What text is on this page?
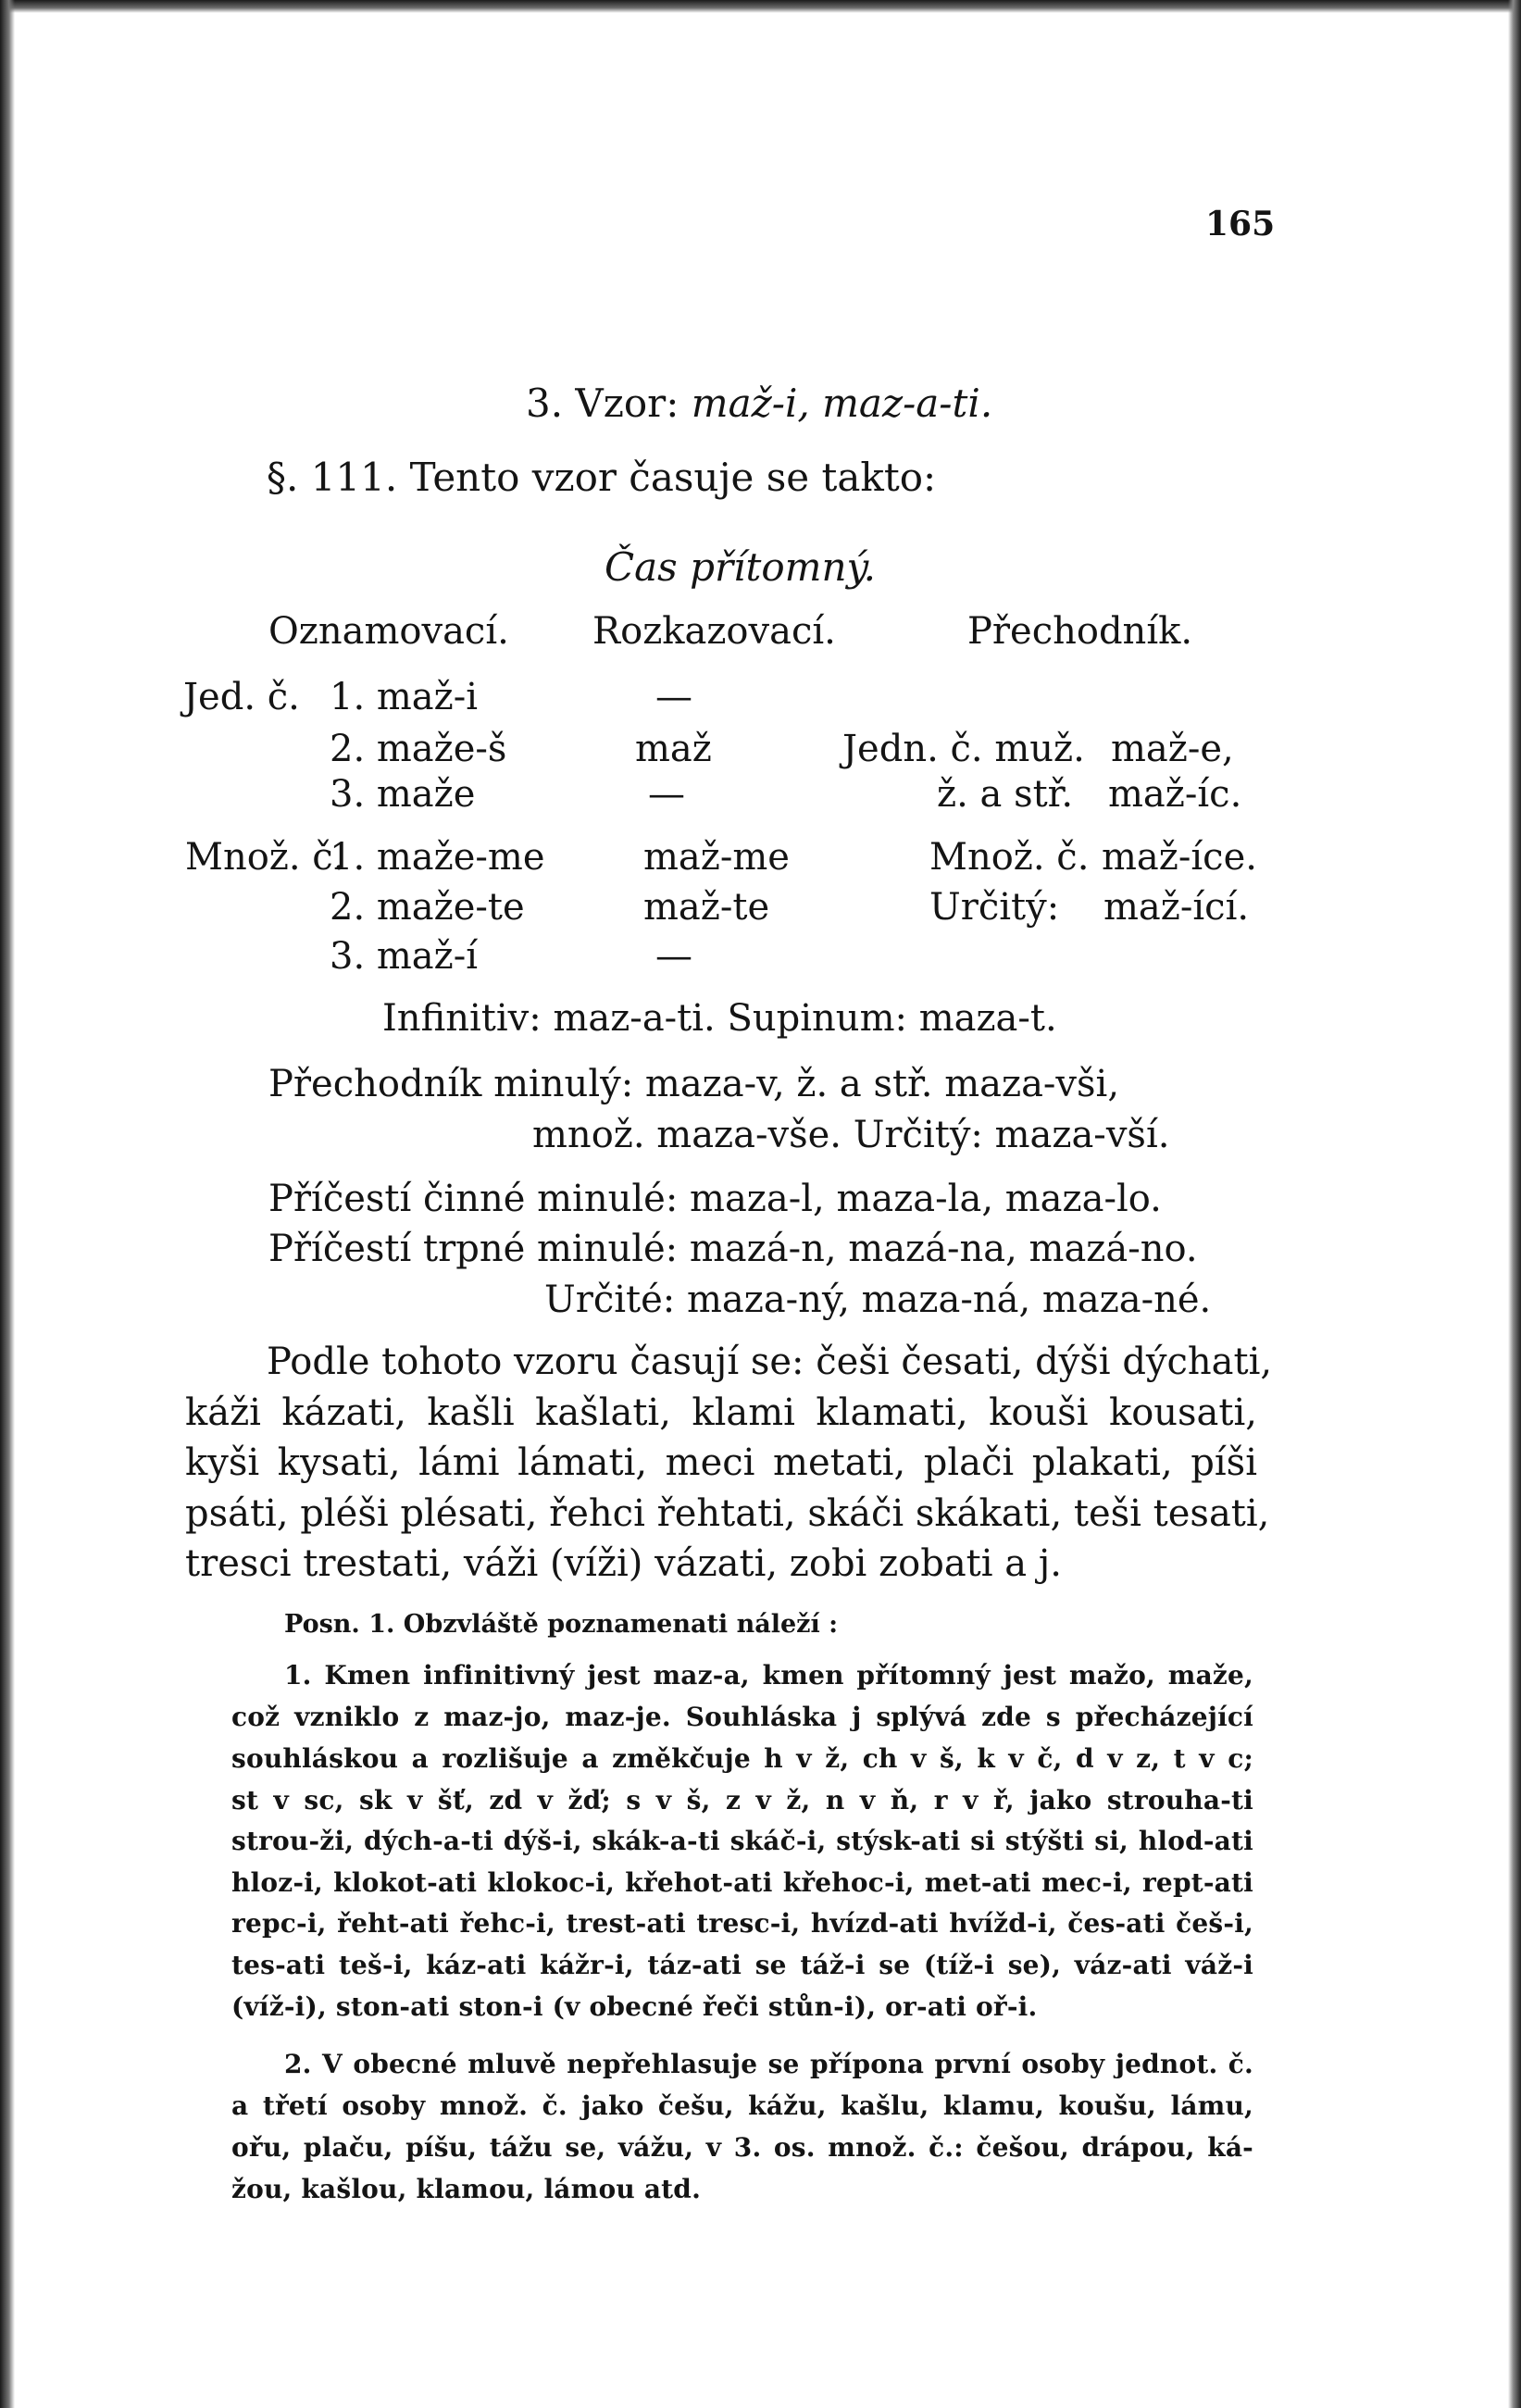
165
3. Vzor: maž-i, maz-a-ti.
§. 111. Tento vzor časuje se takto:
Čas přítomný.
Oznamovací. Rozkazovací.	Přechodník.
Jed. č. 1. maž-i
2. maže-š
3. maže
—
maž
—
Jedn. č. muž. maž-e,
ž. a stř. maž-íc.
Množ. č.
1. maže-me
2. maže-te
3. maž-í
maž-me
maž-te
—
Množ. č. maž-íce.
Určitý: maž-ící.
Infinitiv: maz-a-ti. Supinum: maza-t.
Přechodník minulý: maza-v, ž. a stř. maza-vši,
množ. maza-vše. Určitý: maza-vší.
Příčestí činné minulé: maza-l, maza-la, maza-lo.
Příčestí trpné minulé: mazá-n, mazá-na, mazá-no.
Určité: maza-ný, maza-ná, maza-né.
Podle tohoto vzoru časují se: češi česati, dýši dýchati,
káži kázati, kašli kašlati, klami klamati, kouši kousati,
kyši kysati, lámi lámati, meci metati, plači plakati, píši
psáti, pléši plésati, řehci řehtati, skáči skákati, teši tesati,
tresci trestati, váži (víži) vázati, zobi zobati a j.
Posn. 1. Obzvláště poznamenati náleží :
1. Kmen infinitivný jest maz-a, kmen přítomný jest mažo, maže,
což vzniklo z maz-jo, maz-je. Souhláska j splývá zde s přecházející
souhláskou a rozlišuje a změkčuje h v ž, ch v š, k v č, d v z, t v c;
st v sc, sk v šť, zd v žď; s v š, z v ž, n v ň, r v ř, jako strouha-ti
strou-ži, dých-a-ti dýš-i, skák-a-ti skáč-i, stýsk-ati si stýšti si, hlod-ati
hloz-i, klokot-ati klokoc-i, křehot-ati křehoc-i, met-ati mec-i, rept-ati
repc-i, řeht-ati řehc-i, trest-ati tresc-i, hvízd-ati hvížd-i, čes-ati češ-i,
tes-ati teš-i, káz-ati kážr-i, táz-ati se táž-i se (tíž-i se), váz-ati váž-i
(víž-i), ston-ati ston-i (v obecné řeči stůn-i), or-ati oř-i.
2. V obecné mluvě nepřehlasuje se přípona první osoby jednot. č.
a třetí osoby množ. č. jako češu, kážu, kašlu, klamu, koušu, lámu,
ořu, plaču, píšu, tážu se, vážu, v 3. os. množ. č.: češou, drápou, ká-
žou, kašlou, klamou, lámou atd.
